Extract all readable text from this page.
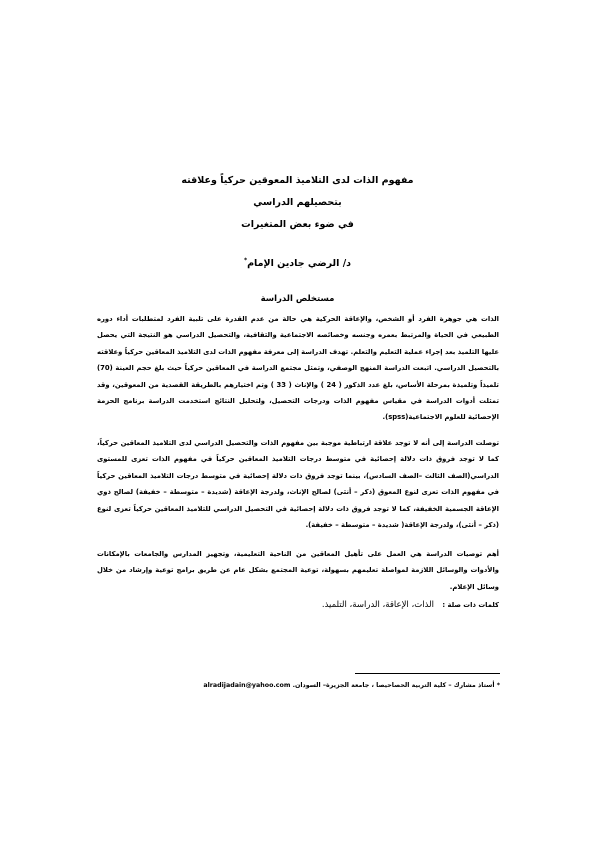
مفهوم الذات لدى التلاميذ المعوقين حركياً وعلاقته
بتحصيلهم الدراسي
في ضوء بعض المتغيرات
د/ الرضي جادين الإمام*
مستخلص الدراسة
الذات هي جوهرة الفرد أو الشخص، والإعاقة الحركية هي حالة من عدم القدرة على تلبية الفرد لمتطلبات أداء دوره الطبيعي في الحياة والمرتبط بعمره وجنسه وخصائصه الاجتماعية والثقافية، والتحصيل الدراسي هو النتيجة التي يحصل عليها التلميذ بعد إجراء عملية التعليم والتعلم. تهدف الدراسة إلى معرفة مفهوم الذات لدى التلاميذ المعاقين حركياً وعلاقته بالتحصيل الدراسي. اتبعت الدراسة المنهج الوصفي، وتمثل مجتمع الدراسة في المعاقين حركياً حيث بلغ حجم العينة (70) تلميذاً وتلميذة بمرحلة الأساس، بلغ عدد الذكور ( 24 ) والإناث ( 33 ) وتم اختيارهم بالطريقة القصدية من المعوقين، وقد تمثلت أدوات الدراسة في مقياس مفهوم الذات ودرجات التحصيل، ولتحليل النتائج استخدمت الدراسة برنامج الحزمة الإحصائية للعلوم الاجتماعية(spss).
توصلت الدراسة إلى أنه لا توجد علاقة ارتباطية موجبة بين مفهوم الذات والتحصيل الدراسي لدى التلاميذ المعاقين حركياً، كما لا توجد فروق ذات دلالة إحصائية في متوسط درجات التلاميذ المعاقين حركياً في مفهوم الذات تعزى للمستوى الدراسي(الصف الثالث –الصف السادس)، بينما توجد فروق ذات دلالة إحصائية في متوسط درجات التلاميذ المعاقين حركياً في مفهوم الذات تعزى لنوع المعوق (ذكر – أنثى) لصالح الإناث، ولدرجة الإعاقة (شديدة – متوسطة – خفيفة) لصالح ذوي الإعاقة الجسمية الخفيفة، كما لا توجد فروق ذات دلالة إحصائية في التحصيل الدراسي للتلاميذ المعاقين حركياً تعزى لنوع (ذكر – أنثى)، ولدرجة الإعاقة( شديدة – متوسطة – خفيفة).
أهم توصيات الدراسة هي العمل على تأهيل المعاقين من الناحية التعليمية، وتجهيز المدارس والجامعات بالإمكانات والأدوات والوسائل اللازمة لمواصلة تعليمهم بسهولة، توعية المجتمع بشكل عام عن طريق برامج توعية وإرشاد من خلال وسائل الإعلام.
كلمات ذات صلة : الذات، الإعاقة، الدراسة، التلميذ.
* أستاذ مشارك – كلية التربية الحصاحيصا ، جامعة الجزيرة– السودان. alradijadain@yahoo.com
